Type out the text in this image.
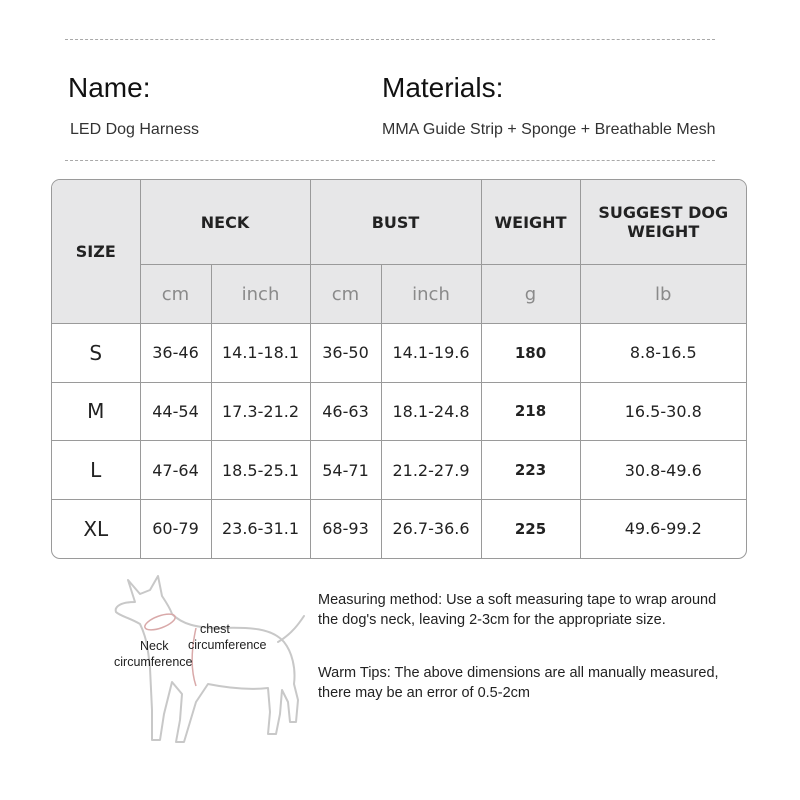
Name:	Materials:
LED Dog Harness	MMA Guide Strip + Sponge + Breathable Mesh
SIZE	NECK		BUST		WEIGHT	SUGGEST DOG
WEIGHT

	cm	inch	cm	inch	g	lb
S	36-46	14.1-18.1	36-50	14.1-19.6	180	8.8-16.5
M	44-54	17.3-21.2	46-63	18.1-24.8	218	16.5-30.8
L	47-64	18.5-25.1	54-71	21.2-27.9	223	30.8-49.6
XL	60-79	23.6-31.1	68-93	26.7-36.6	225	49.6-99.2
chest
circumference
Neck
circumference
Measuring method: Use a soft measuring tape to wrap around the dog's neck, leaving 2-3cm for the appropriate size.
Warm Tips: The above dimensions are all manually measured, there may be an error of 0.5-2cm
